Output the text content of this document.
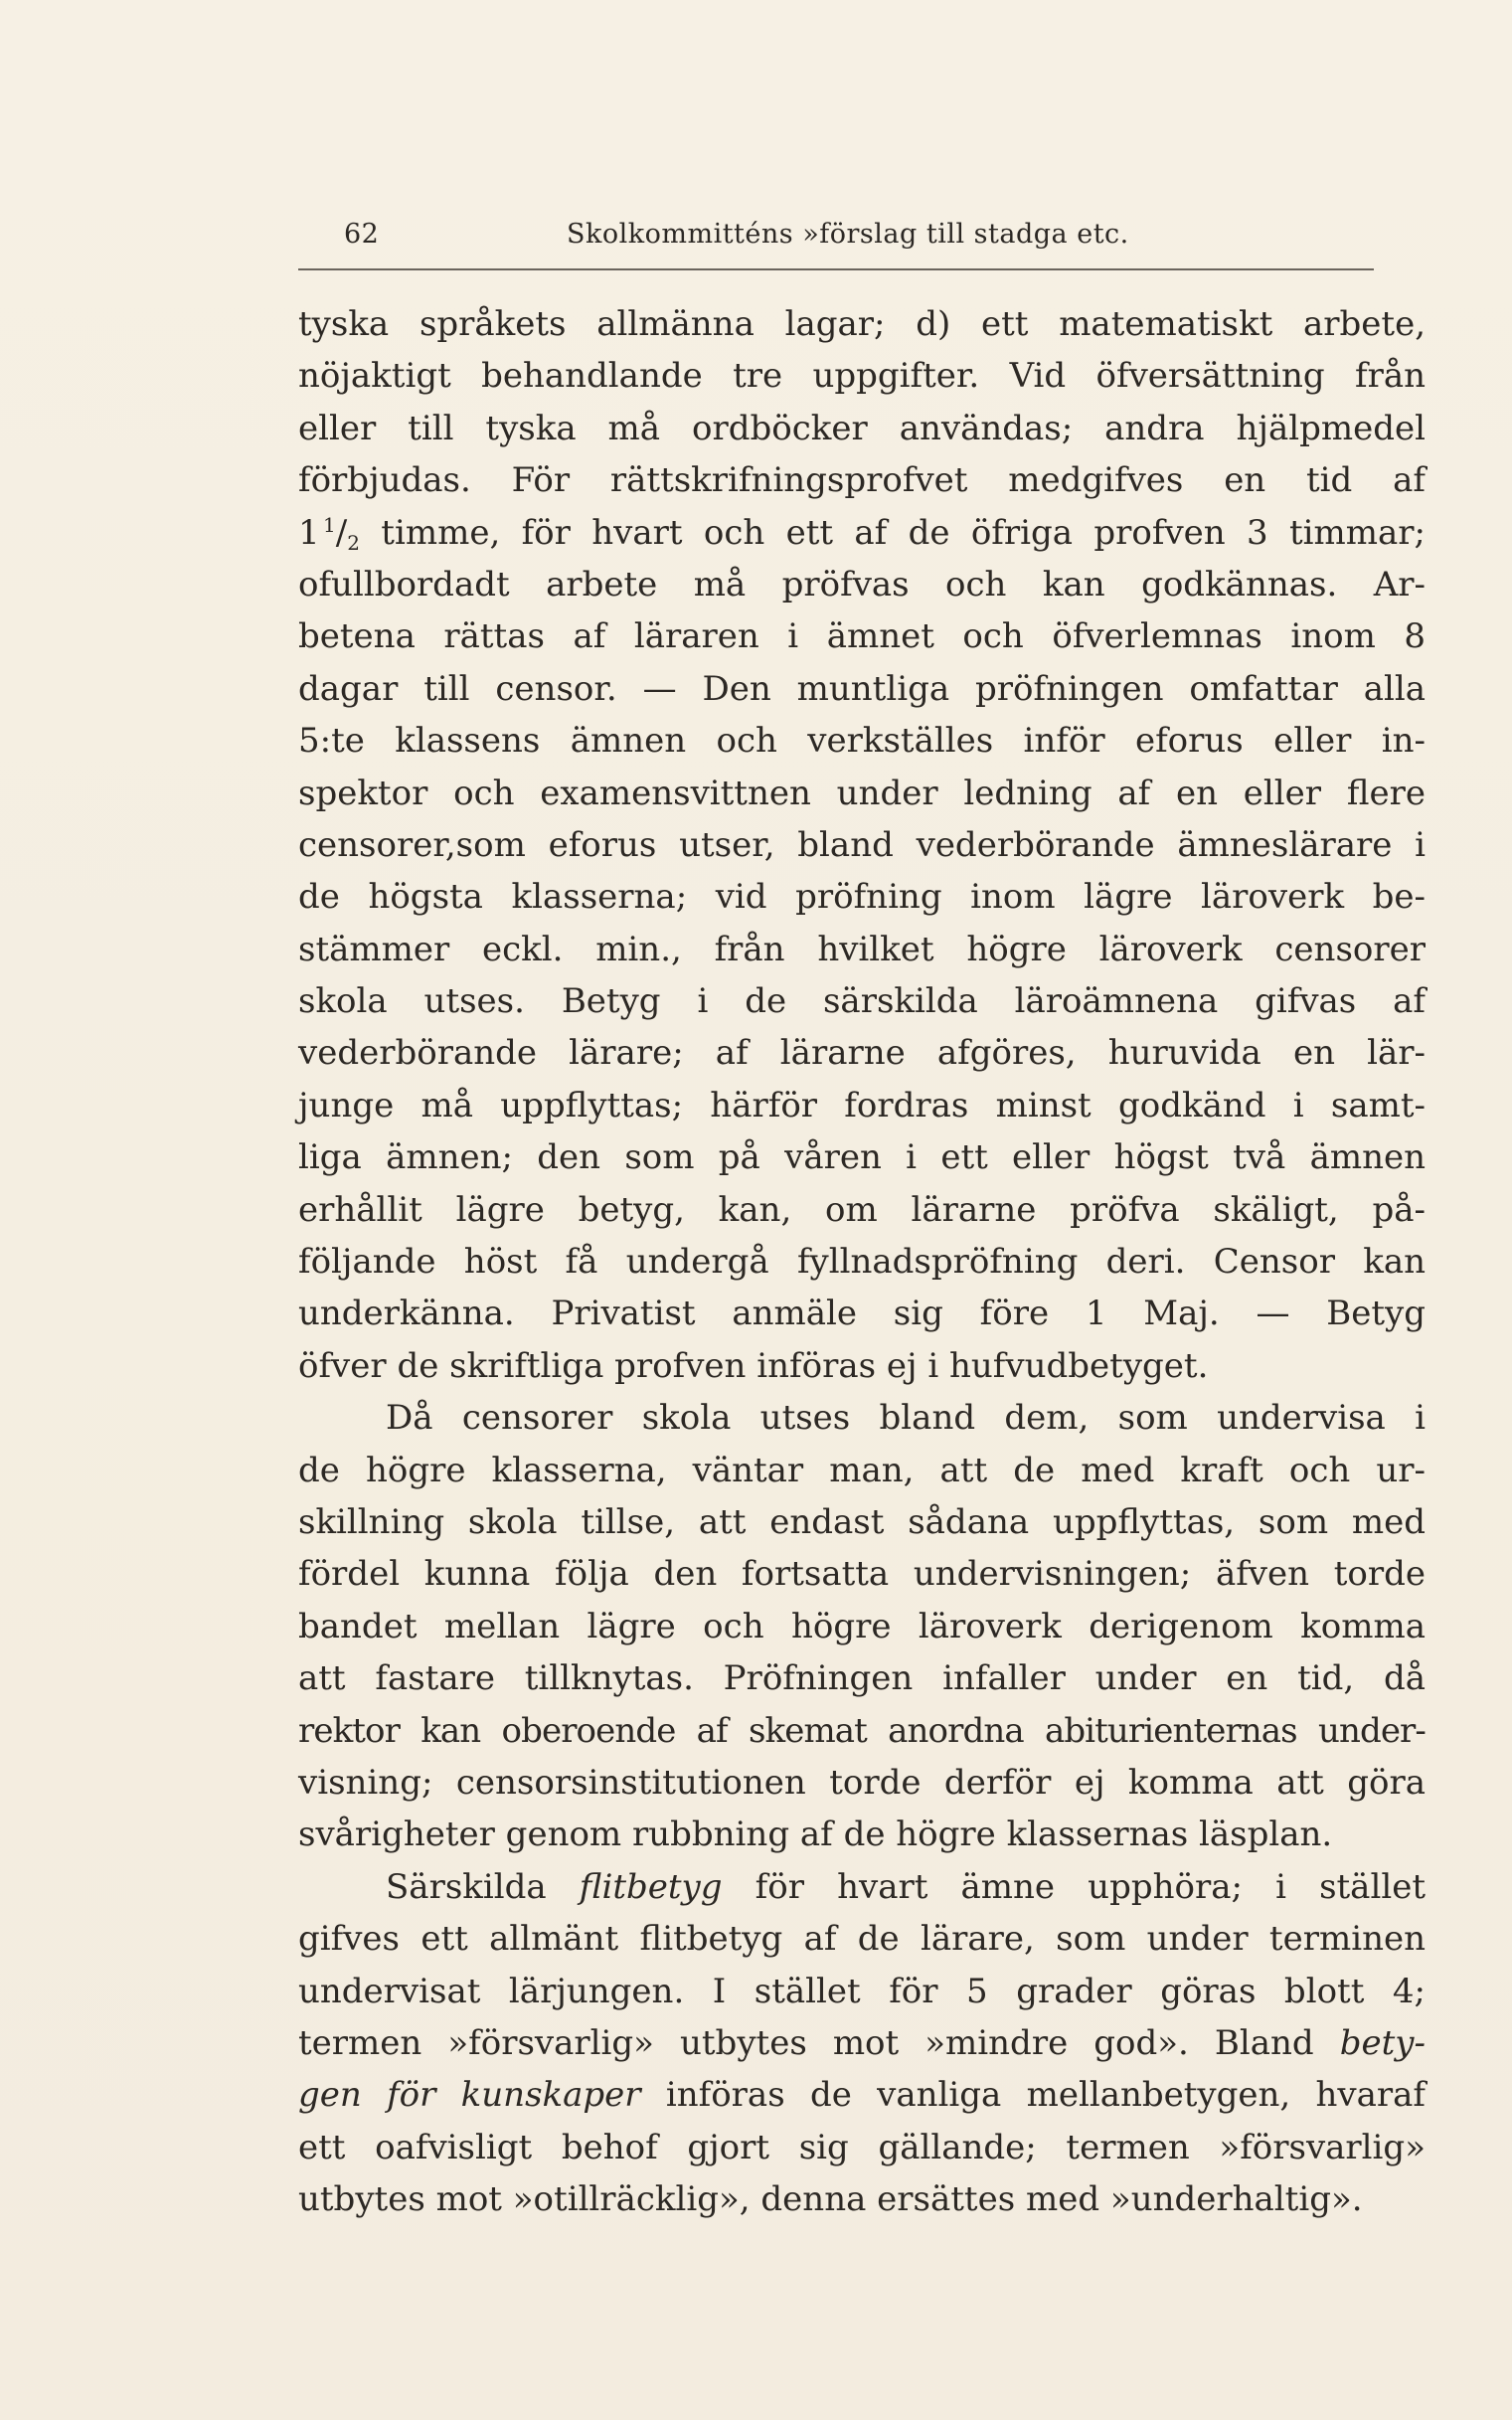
62	Skolkommitténs »förslag till stadga etc.
tyska språkets allmänna lagar; d) ett matematiskt arbete,
nöjaktigt behandlande tre uppgifter. Vid öfversättning från
eller till tyska må ordböcker användas; andra hjälpmedel
förbjudas. För rättskrifningsprofvet medgifves en tid af
1  $^1/_2$ timme, för hvart och ett af de öfriga profven 3 timmar;
ofullbordadt arbete må pröfvas och kan godkännas. Ar-
betena rättas af läraren i ämnet och öfverlemnas inom 8
dagar till censor. — Den muntliga pröfningen omfattar alla
5:te klassens ämnen och verkställes inför eforus eller in-
spektor och examensvittnen under ledning af en eller flere
censorer,som eforus utser, bland vederbörande ämneslärare i
de högsta klasserna; vid pröfning inom lägre läroverk be-
stämmer eckl. min., från hvilket högre läroverk censorer
skola utses. Betyg i de särskilda läroämnena gifvas af
vederbörande lärare; af lärarne afgöres, huruvida en lär-
junge må uppflyttas; härför fordras minst godkänd i samt-
liga ämnen; den som på våren i ett eller högst två ämnen
erhållit lägre betyg, kan, om lärarne pröfva skäligt, på-
följande höst få undergå fyllnadspröfning deri. Censor kan
underkänna. Privatist anmäle sig före 1 Maj. — Betyg
öfver de skriftliga profven införas ej i hufvudbetyget.
Då censorer skola utses bland dem, som undervisa i
de högre klasserna, väntar man, att de med kraft och ur-
skillning skola tillse, att endast sådana uppflyttas, som med
fördel kunna följa den fortsatta undervisningen; äfven torde
bandet mellan lägre och högre läroverk derigenom komma
att fastare tillknytas. Pröfningen infaller under en tid, då
rektor kan oberoende af skemat anordna abiturienternas under-
visning; censorsinstitutionen torde derför ej komma att göra
svårigheter genom rubbning af de högre klassernas läsplan.
Särskilda flitbetyg för hvart ämne upphöra; i stället
gifves ett allmänt flitbetyg af de lärare, som under terminen
undervisat lärjungen. I stället för 5 grader göras blott 4;
termen »försvarlig» utbytes mot »mindre god». Bland bety-
gen för kunskaper införas de vanliga mellanbetygen, hvaraf
ett oafvisligt behof gjort sig gällande; termen »försvarlig»
utbytes mot »otillräcklig», denna ersättes med »underhaltig».
